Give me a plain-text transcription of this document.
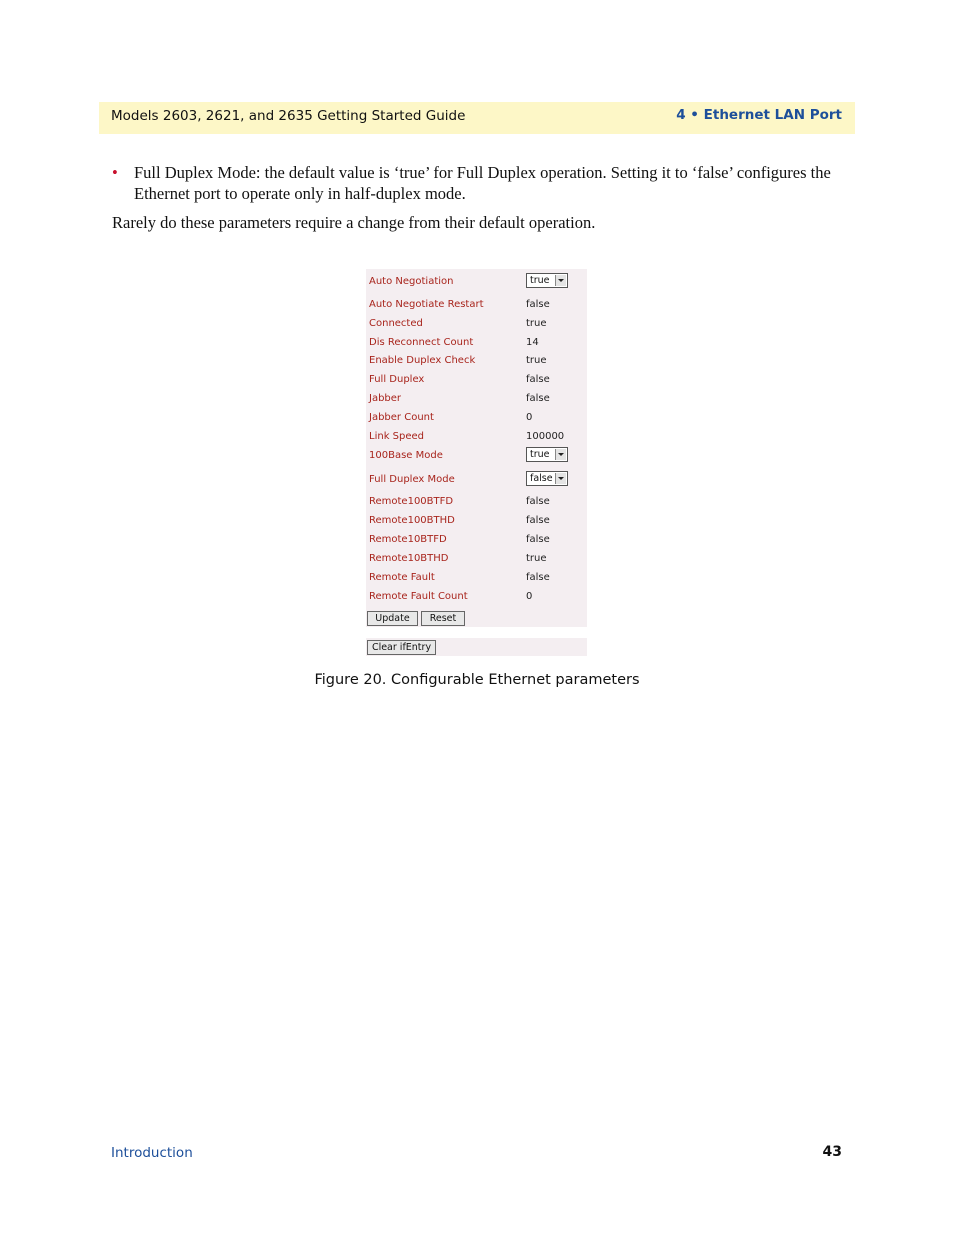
Models 2603, 2621, and 2635 Getting Started Guide	4 • Ethernet LAN Port
• Full Duplex Mode: the default value is ‘true’ for Full Duplex operation. Setting it to ‘false’ configures the Ethernet port to operate only in half-duplex mode.
Rarely do these parameters require a change from their default operation.
Auto Negotiation	true
Auto Negotiate Restart	false
Connected	true
Dis Reconnect Count	14
Enable Duplex Check	true
Full Duplex	false
Jabber	false
Jabber Count	0
Link Speed	100000
100Base Mode	true
Full Duplex Mode	false
Remote100BTFD	false
Remote100BTHD	false
Remote10BTFD	false
Remote10BTHD	true
Remote Fault	false
Remote Fault Count	0
Update	Reset
Clear ifEntry
Figure 20. Configurable Ethernet parameters
Introduction	43
